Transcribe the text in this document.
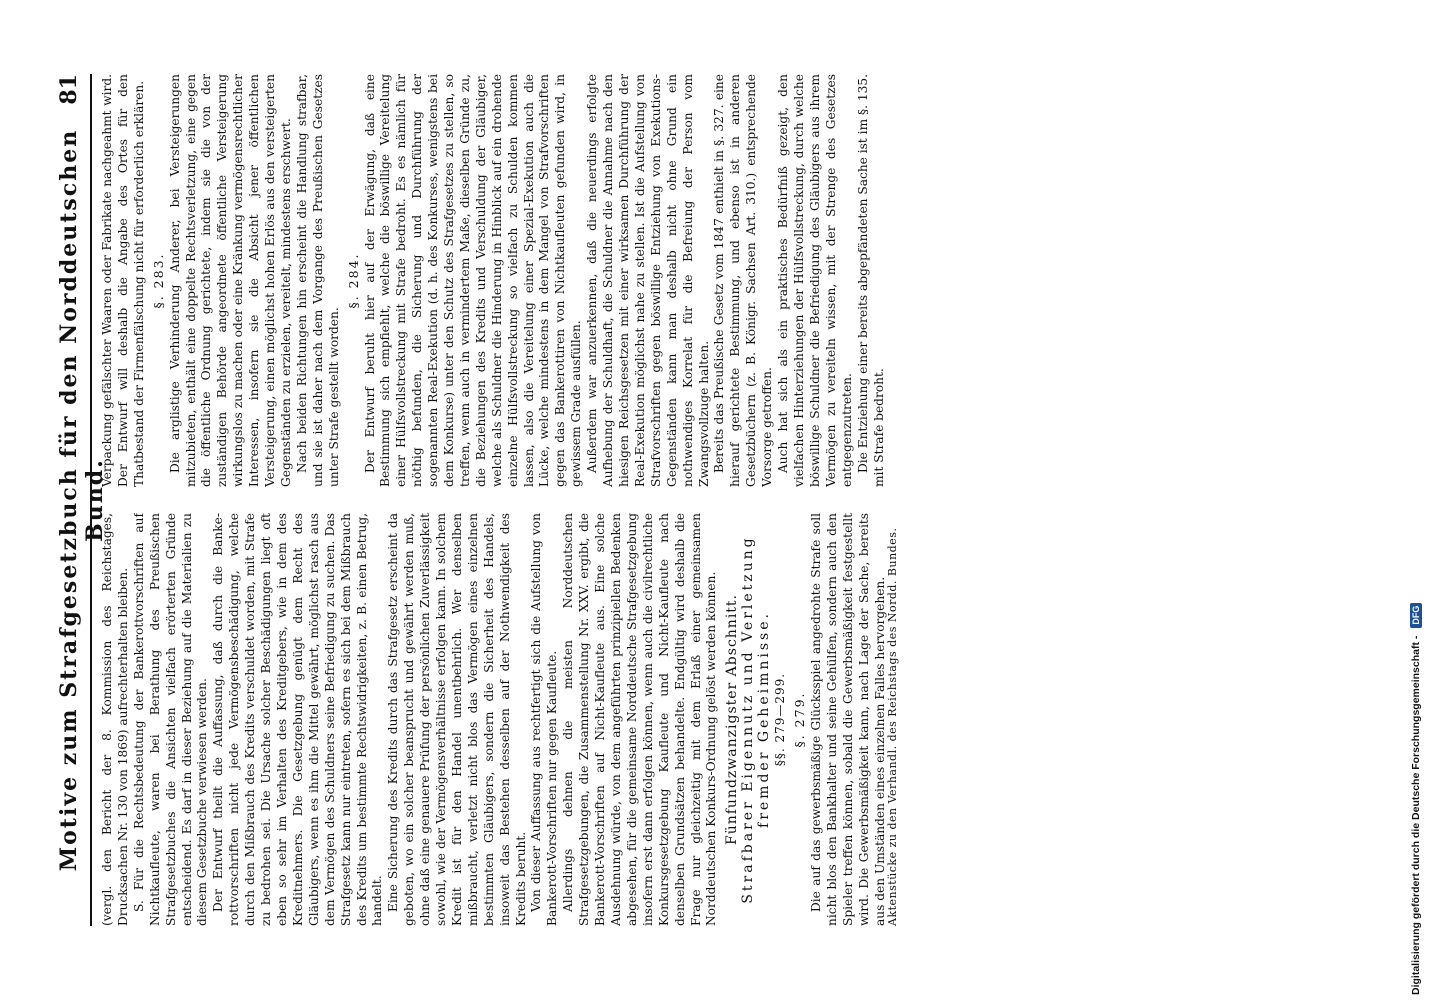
Motive zum Strafgesetzbuch für den Norddeutschen Bund.
81

(vergl. den Bericht der 8. Kommission des Reichstages, Drucksachen Nr. 130 von 1869) aufrechterhalten bleiben. S. Für die Rechtsbedeutung der Bankerottvorschriften auf Nichtkaufleute, waren bei Berathung des Preußischen Strafgesetzbuches die Ansichten vielfach erörterten Gründe entscheidend. Es darf in dieser Beziehung auf die Materialien zu diesem Gesetzbuche verwiesen werden. Der Entwurf theilt die Auffassung, daß durch die Bankerottvorschriften nicht jede Vermögensbeschädigung, welche durch den Mißbrauch des Kredits verschuldet worden, mit Strafe zu bedrohen sei. Die Ursache solcher Beschädigungen liegt oft eben so sehr im Verhalten des Kreditgebers, wie in dem des Kreditnehmers. Die Gesetzgebung genügt dem Recht des Gläubigers, wenn es ihm die Mittel gewährt, möglichst rasch aus dem Vermögen des Schuldners seine Befriedigung zu suchen. Das Strafgesetz kann nur eintreten, sofern es sich bei dem Mißbrauch des Kredits um bestimmte Rechtswidrigkeiten, z. B. einen Betrug, handelt. Eine Sicherung des Kredits durch das Strafgesetz erscheint da geboten, wo ein solcher beansprucht und gewährt werden muß, ohne daß eine genauere Prüfung der persönlichen Zuverlässigkeit sowohl, wie der Vermögensverhältnisse erfolgen kann. In solchem Kredit ist für den Handel unentbehrlich. Wer denselben mißbraucht, verletzt nicht blos das Vermögen eines einzelnen bestimmten Gläubigers, sondern die Sicherheit des Handels, insoweit das Bestehen desselben auf der Nothwendigkeit des Kredits beruht. Von dieser Auffassung aus rechtfertigt sich die Aufstellung von Bankerott-Vorschriften nur gegen Kaufleute. Allerdings dehnen die meisten Norddeutschen Strafgesetzgebungen, die Zusammenstellung Nr. XXV. ergibt, die Bankerott-Vorschriften auf Nicht-Kaufleute aus. Eine solche Ausdehnung würde, von dem angeführten prinzipiellen Bedenken abgesehen, für die gemeinsame Norddeutsche Strafgesetzgebung insofern erst dann erfolgen können, wenn auch die civilrechtliche Konkursgesetzgebung Kaufleute und Nicht-Kaufleute nach denselben Grundsätzen behandelte. Endgültig wird deshalb die Frage nur gleichzeitig mit dem Erlaß einer gemeinsamen Norddeutschen Konkurs-Ordnung gelöst werden können. Fünfundzwanzigster Abschnitt. Strafbarer Eigennutz und Verletzung fremder Geheimnisse. §§. 279—299. §. 279. Die auf das gewerbsmäßige Glücksspiel angedrohte Strafe soll nicht blos den Bankhalter und seine Gehülfen, sondern auch den Spieler treffen können, sobald die Gewerbsmäßigkeit festgestellt wird. Die Gewerbsmäßigkeit kann, nach Lage der Sache, bereits aus den Umständen eines einzelnen Falles hervorgehen.

Verpackung gefälschter Waaren oder Fabrikate nachgeahmt wird. Der Entwurf will deshalb die Angabe des Ortes für den Thatbestand der Firmenfälschung nicht für erforderlich erklären. §. 283. Die arglistige Verhinderung Anderer, bei Versteigerungen mitzubieten, enthält eine doppelte Rechtsverletzung, eine gegen die öffentliche Ordnung gerichtete, indem sie die von der zuständigen Behörde angeordnete öffentliche Versteigerung wirkungslos zu machen oder eine Kränkung vermögensrechtlicher Interessen, insofern sie die Absicht jener öffentlichen Versteigerung, einen möglichst hohen Erlös aus den versteigerten Gegenständen zu erzielen, vereitelt, mindestens erschwert. Nach beiden Richtungen hin erscheint die Handlung strafbar, und sie ist daher nach dem Vorgange des Preußischen Gesetzes unter Strafe gestellt worden.

§. 284. Der Entwurf beruht hier auf der Erwägung, daß eine Bestimmung sich empfiehlt, welche die böswillige Vereitelung einer Hülfsvollstreckung mit Strafe bedroht. Es es nämlich für nöthig befunden, die Sicherung und Durchführung der sogenannten Real-Exekution (d. h. des Konkurses, wenigstens bei dem Konkurse) unter den Schutz des Strafgesetzes zu stellen, so treffen, wenn auch in vermindertem Maße, dieselben Gründe zu, die Beziehungen des Kredits und Verschuldung der Gläubiger, welche als Schuldner die Hinderung in Hinblick auf ein drohende einzelne Hülfsvollstreckung so vielfach zu Schulden kommen lassen, also die Vereitelung einer Spezial-Exekution auch die Lücke, welche mindestens in dem Mangel von Strafvorschriften gegen das Bankerottiren von Nichtkaufleuten gefunden wird, in gewissem Grade ausfüllen. Außerdem war anzuerkennen, daß die neuerdings erfolgte Aufhebung der Schuldhaft, die Schuldner die Annahme nach den hiesigen Reichsgesetzen mit einer wirksamen Durchführung der Real-Exekution möglichst nahe zu stellen. Ist die Aufstellung von Strafvorschriften gegen böswillige Entziehung von Exekutions-Gegenständen kann man deshalb nicht ohne Grund ein nothwendiges Korrelat für die Befreiung der Person vom Zwangsvollzuge halten. Bereits das Preußische Gesetz vom 1847 enthielt in §. 327. eine hierauf gerichtete Bestimmung, und ebenso ist in anderen Gesetzbüchern (z. B. Königr. Sachsen Art. 310.) entsprechende Vorsorge getroffen. Auch hat sich als ein praktisches Bedürfniß gezeigt, den vielfachen Hinterziehungen der Hülfsvollstreckung, durch welche böswillige Schuldner die Befriedigung des Gläubigers aus ihrem Vermögen zu vereiteln wissen, mit der Strenge des Gesetzes entgegenzutreten. Die Entziehung einer bereits abgepfändeten Sache ist im §. 135. mit Strafe bedroht.

Aktenstücke zu den Verhandl. des Reichstags des Nordd. Bundes.	Digitalisierung gefördert durch die Deutsche Forschungsgemeinschaft -
DFG
